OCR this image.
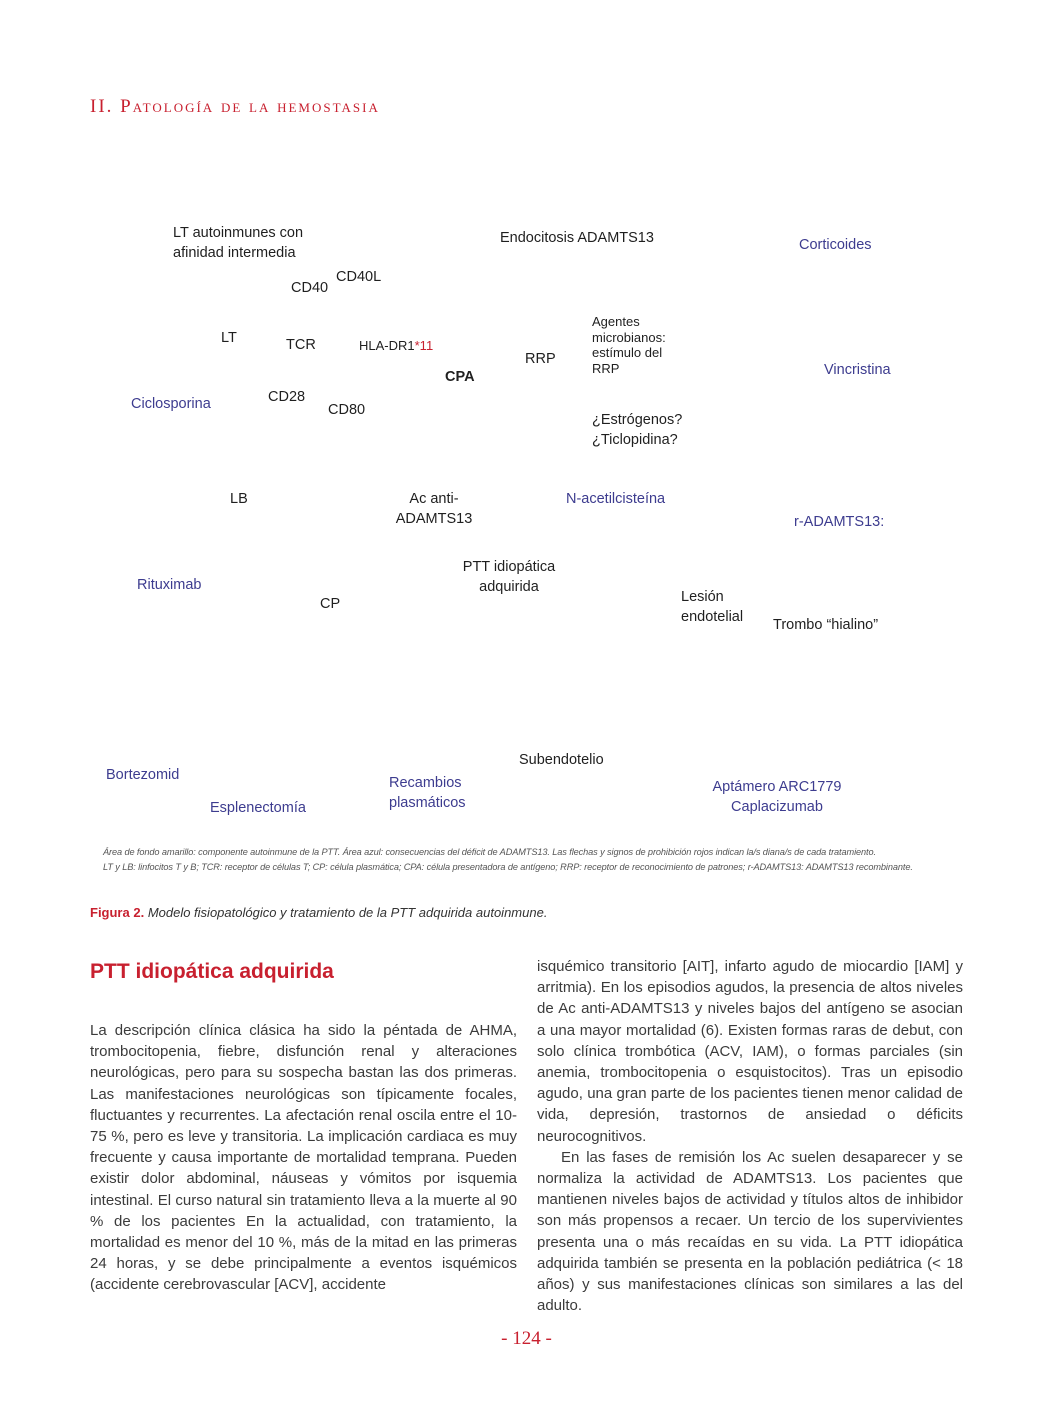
II. Patología de la hemostasia
LT autoinmunes con
afinidad intermedia
Endocitosis ADAMTS13	Corticoides
CD40L
CD40
Agentes
microbianos:
estímulo del
RRP
LT	TCR	HLA-DR1*11
RRP
Vincristina
CPA
Ciclosporina	CD28
CD80
¿Estrógenos?
¿Ticlopidina?
LB	Ac anti-
ADAMTS13
N-acetilcisteína
r-ADAMTS13:
PTT idiopática
adquirida
Rituximab
CP	Lesión
endotelial Trombo “hialino”
Subendotelio
Bortezomid	Recambios
plasmáticos
Aptámero ARC1779
Caplacizumab
Esplenectomía
Área de fondo amarillo: componente autoinmune de la PTT. Área azul: consecuencias del déficit de ADAMTS13. Las flechas y signos de prohibición rojos indican la/s diana/s de cada tratamiento.
LT y LB: linfocitos T y B; TCR: receptor de células T; CP: célula plasmática; CPA: célula presentadora de antígeno; RRP: receptor de reconocimiento de patrones; r-ADAMTS13: ADAMTS13 recombinante.
Figura 2. Modelo fisiopatológico y tratamiento de la PTT adquirida autoinmune.
PTT idiopática adquirida

La descripción clínica clásica ha sido la péntada de AHMA, trombocitopenia, fiebre, disfunción renal y alteraciones neurológicas, pero para su sospecha bastan las dos primeras. Las manifestaciones neurológicas son típicamente focales, fluctuantes y recurrentes. La afectación renal oscila entre el 10-75 %, pero es leve y transitoria. La implicación cardiaca es muy frecuente y causa importante de mortalidad temprana. Pueden existir dolor abdominal, náuseas y vómitos por isquemia intestinal. El curso natural sin tratamiento lleva a la muerte al 90 % de los pacientes En la actualidad, con tratamiento, la mortalidad es menor del 10 %, más de la mitad en las primeras 24 horas, y se debe principalmente a eventos isquémicos (accidente cerebrovascular [ACV], accidente

isquémico transitorio [AIT], infarto agudo de miocardio [IAM] y arritmia). En los episodios agudos, la presencia de altos niveles de Ac anti-ADAMTS13 y niveles bajos del antígeno se asocian a una mayor mortalidad (6). Existen formas raras de debut, con solo clínica trombótica (ACV, IAM), o formas parciales (sin anemia, trombocitopenia o esquistocitos). Tras un episodio agudo, una gran parte de los pacientes tienen menor calidad de vida, depresión, trastornos de ansiedad o déficits neurocognitivos.

En las fases de remisión los Ac suelen desaparecer y se normaliza la actividad de ADAMTS13. Los pacientes que mantienen niveles bajos de actividad y títulos altos de inhibidor son más propensos a recaer. Un tercio de los supervivientes presenta una o más recaídas en su vida. La PTT idiopática adquirida también se presenta en la población pediátrica (< 18 años) y sus manifestaciones clínicas son similares a las del adulto.

- 124 -
